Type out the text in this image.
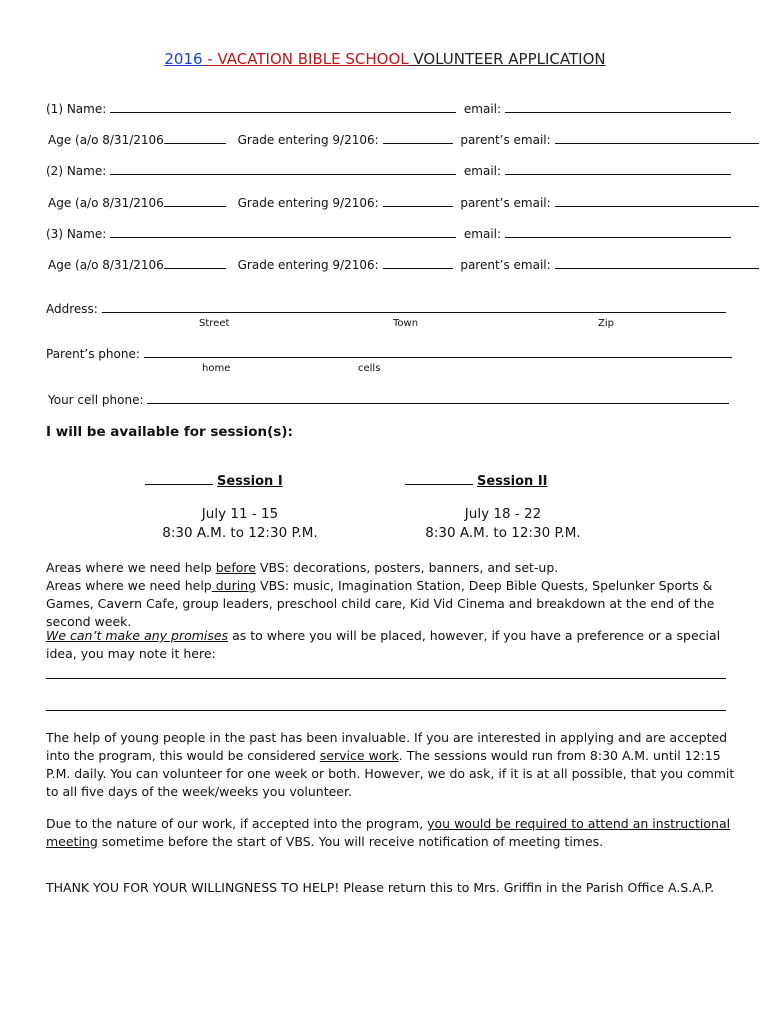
2016 - VACATION BIBLE SCHOOL VOLUNTEER APPLICATION
(1) Name:	email:
Age (a/o 8/31/2106	Grade entering 9/2106:	parent’s email:
(2) Name:	email:
Age (a/o 8/31/2106	Grade entering 9/2106:	parent’s email:
(3) Name:	email:
Age (a/o 8/31/2106	Grade entering 9/2106:	parent’s email:
Address:
Street	Town	Zip
Parent’s phone:
home	cells
Your cell phone:
I will be available for session(s):
Session I	Session II
July 11 - 15
8:30 A.M. to 12:30 P.M.
July 18 - 22
8:30 A.M. to 12:30 P.M.
Areas where we need help before VBS: decorations, posters, banners, and set-up.
Areas where we need help during VBS: music, Imagination Station, Deep Bible Quests, Spelunker Sports & Games, Cavern Cafe, group leaders, preschool child care, Kid Vid Cinema and breakdown at the end of the second week.
We can’t make any promises as to where you will be placed, however, if you have a preference or a special idea, you may note it here:
The help of young people in the past has been invaluable. If you are interested in applying and are accepted into the program, this would be considered service work. The sessions would run from 8:30 A.M. until 12:15 P.M. daily. You can volunteer for one week or both. However, we do ask, if it is at all possible, that you commit to all five days of the week/weeks you volunteer.
Due to the nature of our work, if accepted into the program, you would be required to attend an instructional meeting sometime before the start of VBS. You will receive notification of meeting times.
THANK YOU FOR YOUR WILLINGNESS TO HELP! Please return this to Mrs. Griffin in the Parish Office A.S.A.P.
